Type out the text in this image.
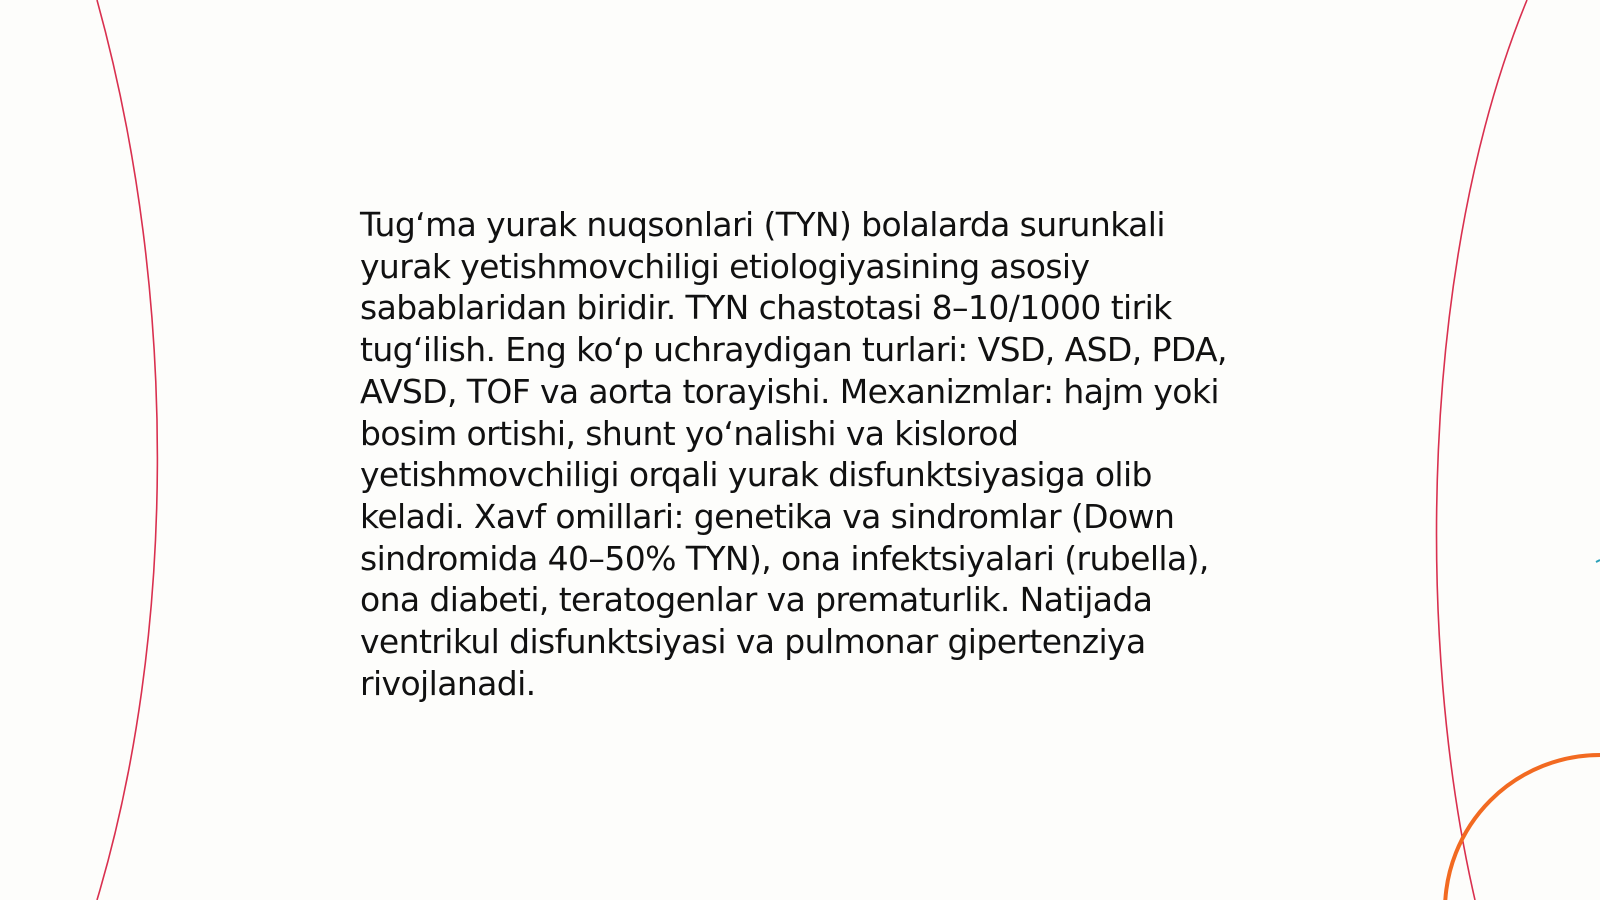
Tug‘ma yurak nuqsonlari (TYN) bolalarda surunkali yurak yetishmovchiligi etiologiyasining asosiy sabablaridan biridir. TYN chastotasi 8–10/1000 tirik tug‘ilish. Eng ko‘p uchraydigan turlari: VSD, ASD, PDA, AVSD, TOF va aorta torayishi. Mexanizmlar: hajm yoki bosim ortishi, shunt yo‘nalishi va kislorod yetishmovchiligi orqali yurak disfunktsiyasiga olib keladi. Xavf omillari: genetika va sindromlar (Down sindromida 40–50% TYN), ona infektsiyalari (rubella), ona diabeti, teratogenlar va prematurlik. Natijada ventrikul disfunktsiyasi va pulmonar gipertenziya rivojlanadi.
